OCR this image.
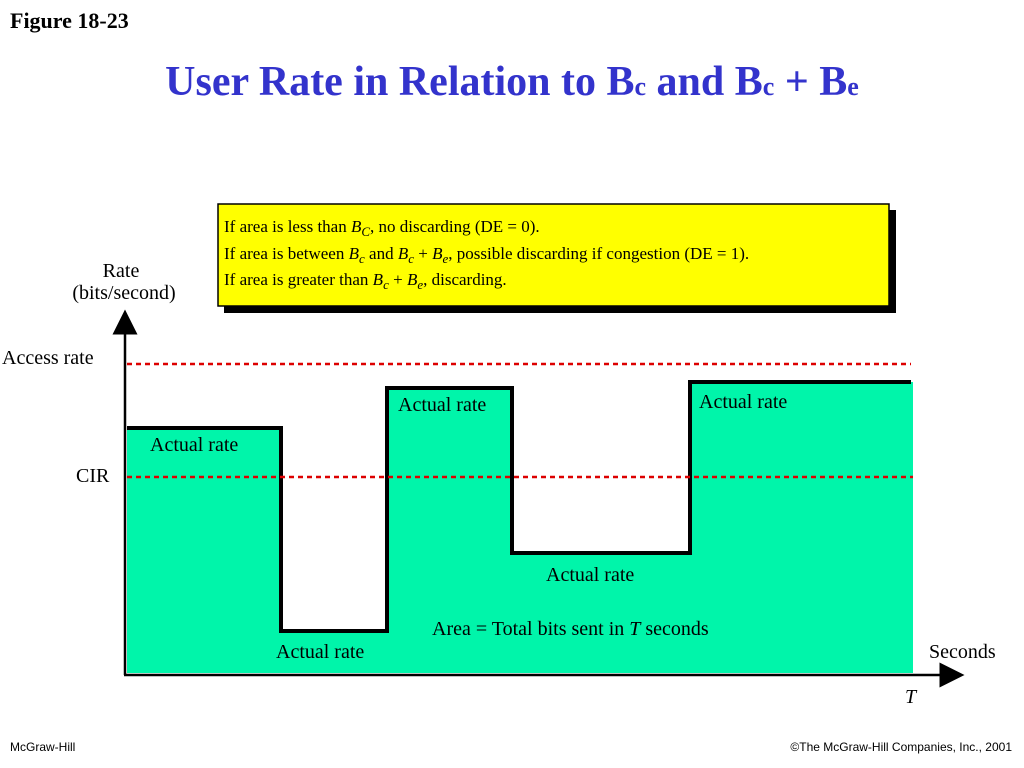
Figure 18-23
User Rate in Relation to Bc and Bc + Be
If area is less than $B_C$, no discarding (DE = 0).
If area is between $B_c$ and $B_c + B_e$, possible discarding if congestion (DE = 1).
If area is greater than $B_c + B_e$, discarding.
Rate
(bits/second)
Access rate
CIR
Actual rate
Actual rate	Actual rate
Actual rate
Actual rate
Area = Total bits sent in T seconds
Seconds
T
McGraw-Hill	©The McGraw-Hill Companies, Inc., 2001
